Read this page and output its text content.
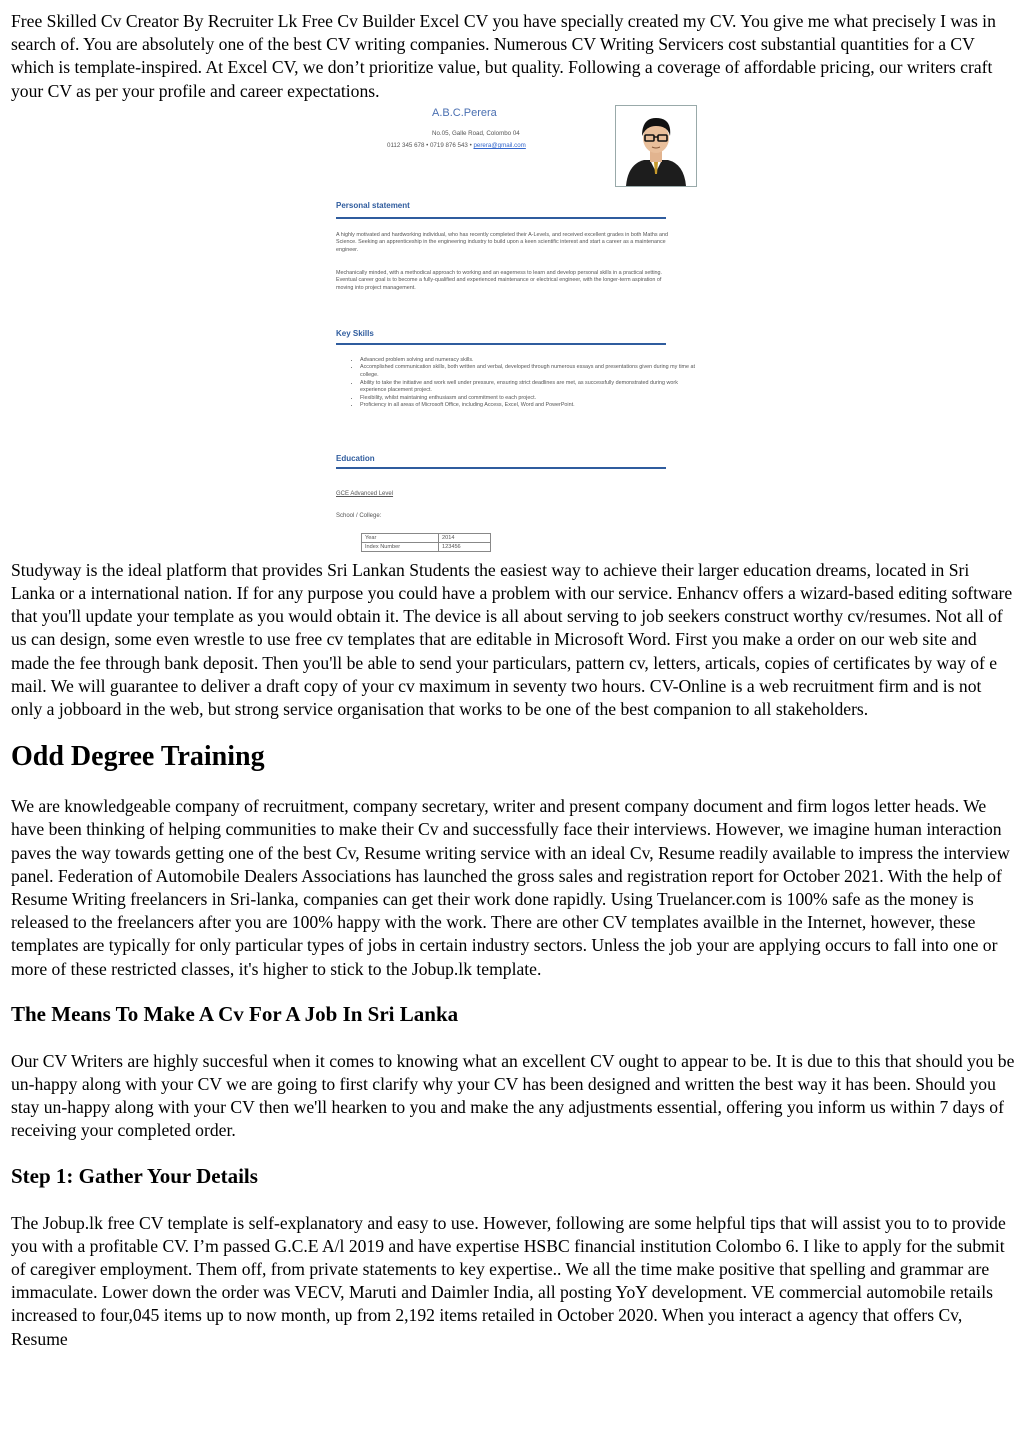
Free Skilled Cv Creator By Recruiter Lk Free Cv Builder Excel CV you have specially created my CV. You give me what precisely I was in search of. You are absolutely one of the best CV writing companies. Numerous CV Writing Servicers cost substantial quantities for a CV which is template-inspired. At Excel CV, we don’t prioritize value, but quality. Following a coverage of affordable pricing, our writers craft your CV as per your profile and career expectations.

A.B.C.Perera
No.05, Galle Road, Colombo 04
0112 345 678 • 0719 876 543 • perera@gmail.com
Personal statement
A highly motivated and hardworking individual, who has recently completed their A-Levels, and received excellent grades in both Maths and Science. Seeking an apprenticeship in the engineering industry to build upon a keen scientific interest and start a career as a maintenance engineer.
Mechanically minded, with a methodical approach to working and an eagerness to learn and develop personal skills in a practical setting. Eventual career goal is to become a fully-qualified and experienced maintenance or electrical engineer, with the longer-term aspiration of moving into project management.
Key Skills
• Advanced problem solving and numeracy skills.
• Accomplished communication skills, both written and verbal, developed through numerous essays and presentations given during my time at college.
• Ability to take the initiative and work well under pressure, ensuring strict deadlines are met, as successfully demonstrated during work experience placement project.
• Flexibility, whilst maintaining enthusiasm and commitment to each project.
• Proficiency in all areas of Microsoft Office, including Access, Excel, Word and PowerPoint.
Education
GCE Advanced Level
School / College:
Year	2014
Index Number	123456

Studyway is the ideal platform that provides Sri Lankan Students the easiest way to achieve their larger education dreams, located in Sri Lanka or a international nation. If for any purpose you could have a problem with our service. Enhancv offers a wizard-based editing software that you'll update your template as you would obtain it. The device is all about serving to job seekers construct worthy cv/resumes. Not all of us can design, some even wrestle to use free cv templates that are editable in Microsoft Word. First you make a order on our web site and made the fee through bank deposit. Then you'll be able to send your particulars, pattern cv, letters, articals, copies of certificates by way of e mail. We will guarantee to deliver a draft copy of your cv maximum in seventy two hours. CV-Online is a web recruitment firm and is not only a jobboard in the web, but strong service organisation that works to be one of the best companion to all stakeholders.

Odd Degree Training

We are knowledgeable company of recruitment, company secretary, writer and present company document and firm logos letter heads. We have been thinking of helping communities to make their Cv and successfully face their interviews. However, we imagine human interaction paves the way towards getting one of the best Cv, Resume writing service with an ideal Cv, Resume readily available to impress the interview panel. Federation of Automobile Dealers Associations has launched the gross sales and registration report for October 2021. With the help of Resume Writing freelancers in Sri-lanka, companies can get their work done rapidly. Using Truelancer.com is 100% safe as the money is released to the freelancers after you are 100% happy with the work. There are other CV templates availble in the Internet, however, these templates are typically for only particular types of jobs in certain industry sectors. Unless the job your are applying occurs to fall into one or more of these restricted classes, it's higher to stick to the Jobup.lk template.

The Means To Make A Cv For A Job In Sri Lanka

Our CV Writers are highly succesful when it comes to knowing what an excellent CV ought to appear to be. It is due to this that should you be un-happy along with your CV we are going to first clarify why your CV has been designed and written the best way it has been. Should you stay un-happy along with your CV then we'll hearken to you and make the any adjustments essential, offering you inform us within 7 days of receiving your completed order.

Step 1: Gather Your Details

The Jobup.lk free CV template is self-explanatory and easy to use. However, following are some helpful tips that will assist you to to provide you with a profitable CV. I’m passed G.C.E A/l 2019 and have expertise HSBC financial institution Colombo 6. I like to apply for the submit of caregiver employment. Them off, from private statements to key expertise.. We all the time make positive that spelling and grammar are immaculate. Lower down the order was VECV, Maruti and Daimler India, all posting YoY development. VE commercial automobile retails increased to four,045 items up to now month, up from 2,192 items retailed in October 2020. When you interact a agency that offers Cv, Resume
